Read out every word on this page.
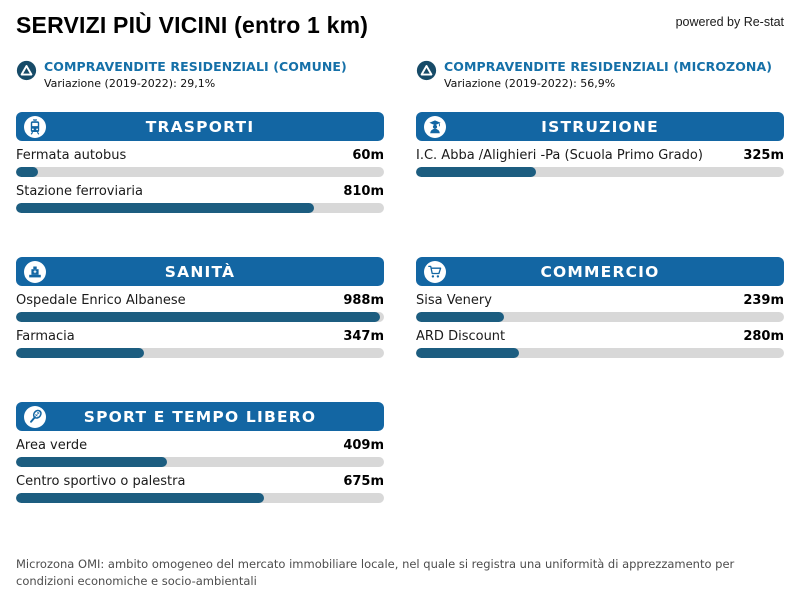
SERVIZI PIÙ VICINI (entro 1 km)	powered by Re-stat
COMPRAVENDITE RESIDENZIALI (COMUNE)
Variazione (2019-2022): 29,1%
COMPRAVENDITE RESIDENZIALI (MICROZONA)
Variazione (2019-2022): 56,9%
TRASPORTI
Fermata autobus	60m
Stazione ferroviaria	810m
ISTRUZIONE
I.C. Abba /Alighieri -Pa (Scuola Primo Grado)	325m
SANITÀ
Ospedale Enrico Albanese	988m
Farmacia	347m
COMMERCIO
Sisa Venery	239m
ARD Discount	280m
SPORT E TEMPO LIBERO
Area verde	409m
Centro sportivo o palestra	675m
Microzona OMI: ambito omogeneo del mercato immobiliare locale, nel quale si registra una uniformità di apprezzamento per condizioni economiche e socio-ambientali
